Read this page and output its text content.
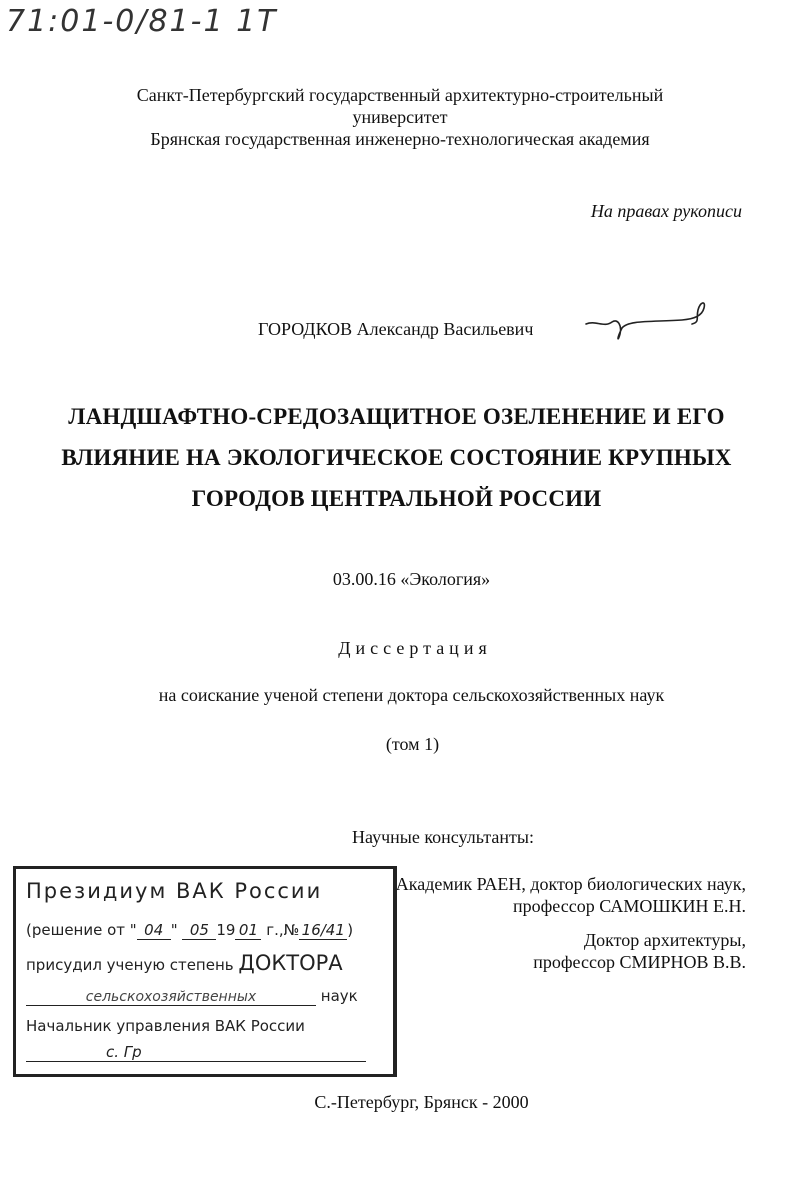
71:01-0/81-1 1Т
Санкт-Петербургский государственный архитектурно-строительный
университет
Брянская государственная инженерно-технологическая академия
На правах рукописи
ГОРОДКОВ Александр Васильевич
ЛАНДШАФТНО-СРЕДОЗАЩИТНОЕ ОЗЕЛЕНЕНИЕ И ЕГО
ВЛИЯНИЕ НА ЭКОЛОГИЧЕСКОЕ СОСТОЯНИЕ КРУПНЫХ
ГОРОДОВ ЦЕНТРАЛЬНОЙ РОССИИ
03.00.16 «Экология»
Диссертация
на соискание ученой степени доктора сельскохозяйственных наук
(том 1)
Научные консультанты:
Академик РАЕН, доктор биологических наук,
профессор САМОШКИН Е.Н.
Доктор архитектуры,
профессор СМИРНОВ В.В.
Президиум ВАК России
(решение от " 04 " 05 19 01 г.,№ 16/41 )
присудил ученую степень ДОКТОРА
сельскохозяйственных	наук
Начальник управления ВАК России
с. Гр
С.-Петербург, Брянск - 2000
